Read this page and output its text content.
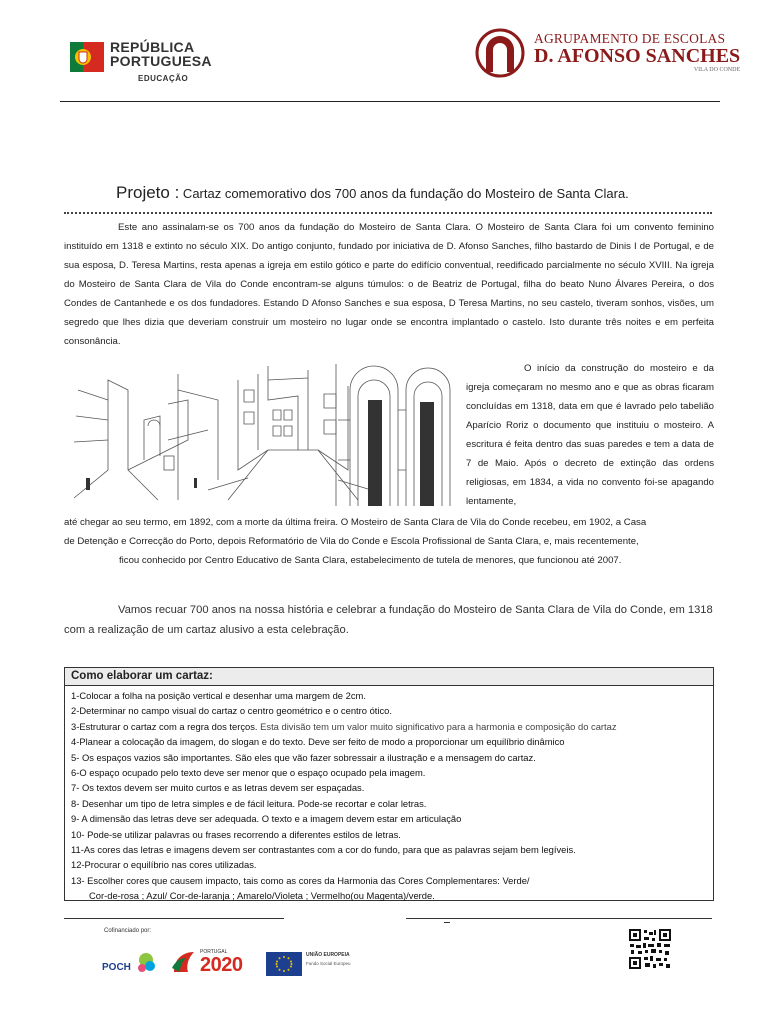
REPÚBLICA
PORTUGUESA
EDUCAÇÃO
AGRUPAMENTO DE ESCOLAS
D. AFONSO SANCHES
VILA DO CONDE
Projeto : Cartaz comemorativo dos 700 anos da fundação do Mosteiro de Santa Clara.

Este ano assinalam-se os 700 anos da fundação do Mosteiro de Santa Clara. O Mosteiro de Santa Clara foi um convento feminino instituído em 1318 e extinto no século XIX. Do antigo conjunto, fundado por iniciativa de D. Afonso Sanches, filho bastardo de Dinis I de Portugal, e de sua esposa, D. Teresa Martins, resta apenas a igreja em estilo gótico e parte do edifício conventual, reedificado parcialmente no século XVIII. Na igreja do Mosteiro de Santa Clara de Vila do Conde encontram-se alguns túmulos: o de Beatriz de Portugal, filha do beato Nuno Álvares Pereira, o dos Condes de Cantanhede e os dos fundadores. Estando D Afonso Sanches e sua esposa, D Teresa Martins, no seu castelo, tiveram sonhos, visões, um segredo que lhes dizia que deveriam construir um mosteiro no lugar onde se encontra implantado o castelo. Isto durante três noites e em perfeita consonância.

O início da construção do mosteiro e da igreja começaram no mesmo ano e que as obras ficaram concluídas em 1318, data em que é lavrado pelo tabelião Aparício Roriz o documento que instituiu o mosteiro. A escritura é feita dentro das suas paredes e tem a data de 7 de Maio. Após o decreto de extinção das ordens religiosas, em 1834, a vida no convento foi-se apagando lentamente,

até chegar ao seu termo, em 1892, com a morte da última freira. O Mosteiro de Santa Clara de Vila do Conde recebeu, em 1902, a Casa
de Detenção e Correcção do Porto, depois Reformatório de Vila do Conde e Escola Profissional de Santa Clara, e, mais recentemente,
ficou conhecido por Centro Educativo de Santa Clara, estabelecimento de tutela de menores, que funcionou até 2007.

Vamos recuar 700 anos na nossa história e celebrar a fundação do Mosteiro de Santa Clara de Vila do Conde, em 1318 com a realização de um cartaz alusivo a esta celebração.

Como elaborar um cartaz:
1-Colocar a folha na posição vertical e desenhar uma margem de 2cm.
2-Determinar no campo visual do cartaz o centro geométrico e o centro ótico.
3-Estruturar o cartaz com a regra dos terços. Esta divisão tem um valor muito significativo para a harmonia e composição do cartaz
4-Planear a colocação da imagem, do slogan e do texto. Deve ser feito de modo a proporcionar um equilíbrio dinâmico
5- Os espaços vazios são importantes. São eles que vão fazer sobressair a ilustração e a mensagem do cartaz.
6-O espaço ocupado pelo texto deve ser menor que o espaço ocupado pela imagem.
7- Os textos devem ser muito curtos e as letras devem ser espaçadas.
8- Desenhar um tipo de letra simples e de fácil leitura. Pode-se recortar e colar letras.
9- A dimensão das letras deve ser adequada. O texto e a imagem devem estar em articulação
10- Pode-se utilizar palavras ou frases recorrendo a diferentes estilos de letras.
11-As cores das letras e imagens devem ser contrastantes com a cor do fundo, para que as palavras sejam bem legíveis.
12-Procurar o equilíbrio nas cores utilizadas.
13- Escolher cores que causem impacto, tais como as cores da Harmonia das Cores Complementares: Verde/
Cor-de-rosa ; Azul/ Cor-de-laranja ; Amarelo/Violeta ; Vermelho(ou Magenta)/verde.
Cofinanciado por:
POCH
PORTUGAL
2020	UNIÃO EUROPEIA
Fundo Social Europeu
